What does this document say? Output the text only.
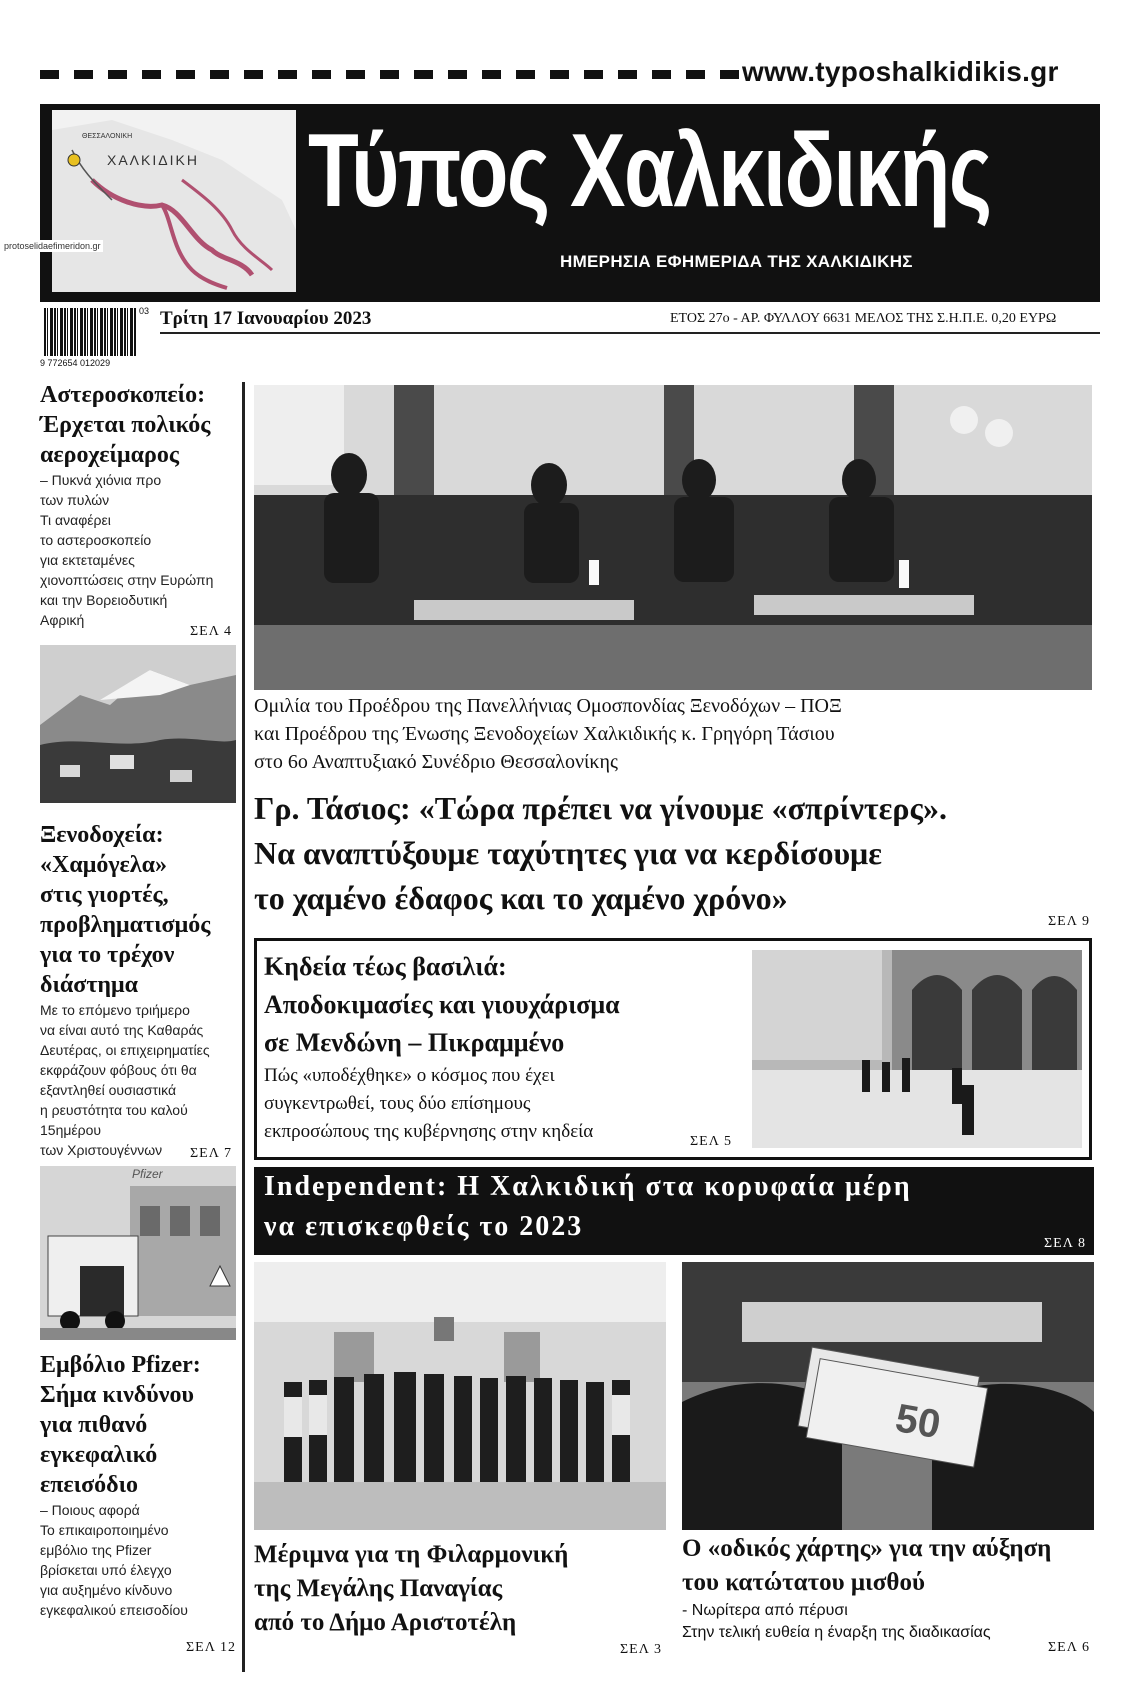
www.typoshalkidikis.gr
ΘΕΣΣΑΛΟΝΙΚΗ
ΧΑΛΚΙΔΙΚΗ Τύπος Χαλκιδικής
ΗΜΕΡΗΣΙΑ ΕΦΗΜΕΡΙΔΑ ΤΗΣ ΧΑΛΚΙΔΙΚΗΣ
protoselidaefimeridon.gr
9 772654 012029
03 Τρίτη 17 Ιανουαρίου 2023	ΕΤΟΣ 27ο - ΑΡ. ΦΥΛΛΟΥ 6631 ΜΕΛΟΣ ΤΗΣ Σ.Η.Π.Ε. 0,20 ΕΥΡΩ
Αστεροσκοπείο:
Έρχεται πολικός
αεροχείμαρος
– Πυκνά χιόνια πρo
των πυλών
Τι αναφέρει
το αστεροσκοπείο
για εκτεταμένες
χιονοπτώσεις στην Ευρώπη
και την Βορειοδυτική
Αφρική
ΣΕΛ 4
Ξενοδοχεία:
«Χαμόγελα»
στις γιορτές,
προβληματισμός
για το τρέχον
διάστημα
Με το επόμενο τριήμερο
να είναι αυτό της Καθαράς
Δευτέρας, οι επιχειρηματίες
εκφράζουν φόβους ότι θα
εξαντληθεί ουσιαστικά
η ρευστότητα του καλού
15ημέρου
των Χριστουγέννων	ΣΕΛ 7
Pfizer
Εμβόλιο Pfizer:
Σήμα κινδύνου
για πιθανό
εγκεφαλικό
επεισόδιο
– Ποιους αφορά
Το επικαιροποιημένο
εμβόλιο της Pfizer
βρίσκεται υπό έλεγχο
για αυξημένο κίνδυνο
εγκεφαλικού επεισοδίου
ΣΕΛ 12
Ομιλία του Προέδρου της Πανελλήνιας Ομοσπονδίας Ξενοδόχων – ΠΟΞ
και Προέδρου της Ένωσης Ξενοδοχείων Χαλκιδικής κ. Γρηγόρη Τάσιου
στο 6ο Αναπτυξιακό Συνέδριο Θεσσαλονίκης
Γρ. Τάσιος: «Τώρα πρέπει να γίνουμε «σπρίντερς».
Να αναπτύξουμε ταχύτητες για να κερδίσουμε
το χαμένο έδαφος και το χαμένο χρόνο»
ΣΕΛ 9
Κηδεία τέως βασιλιά:
Αποδοκιμασίες και γιουχάρισμα
σε Μενδώνη – Πικραμμένο
Πώς «υποδέχθηκε» ο κόσμος που έχει
συγκεντρωθεί, τους δύο επίσημους
εκπροσώπους της κυβέρνησης στην κηδεία	ΣΕΛ 5
Independent: Η Χαλκιδική στα κορυφαία μέρη
να επισκεφθείς το 2023
ΣΕΛ 8
Μέριμνα για τη Φιλαρμονική
της Μεγάλης Παναγίας
από το Δήμο Αριστοτέλη
ΣΕΛ 3
50
Ο «οδικός χάρτης» για την αύξηση
του κατώτατου μισθού
- Νωρίτερα από πέρυσι
Στην τελική ευθεία η έναρξη της διαδικασίας
ΣΕΛ 6
